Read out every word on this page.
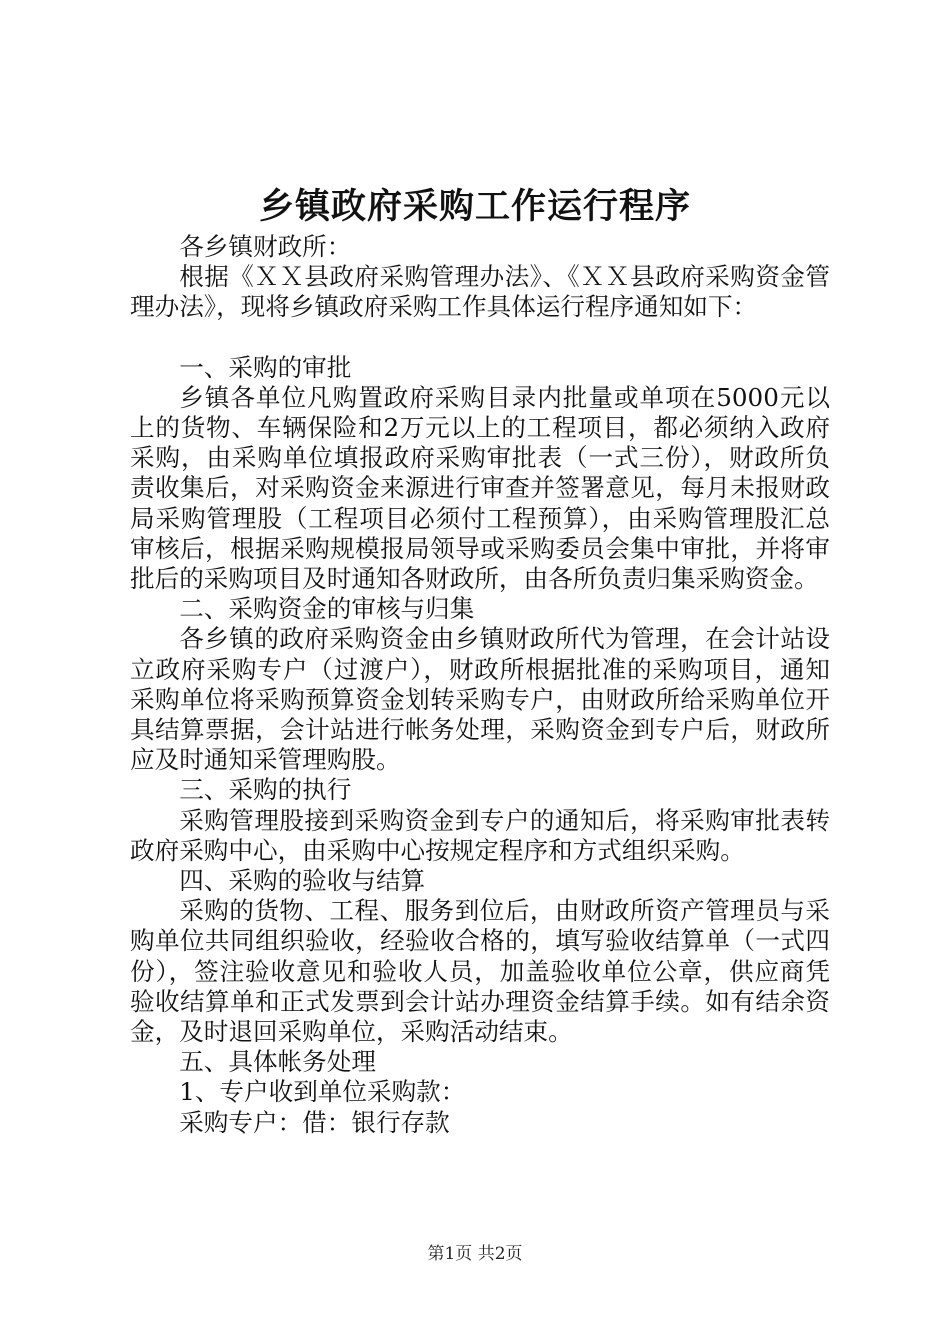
乡镇政府采购工作运行程序

各乡镇财政所：

根据《ＸＸ县政府采购管理办法》、《ＸＸ县政府采购资金管理办法》，现将乡镇政府采购工作具体运行程序通知如下：

一、采购的审批

乡镇各单位凡购置政府采购目录内批量或单项在5000元以上的货物、车辆保险和2万元以上的工程项目，都必须纳入政府采购，由采购单位填报政府采购审批表（一式三份），财政所负责收集后，对采购资金来源进行审查并签署意见，每月未报财政局采购管理股（工程项目必须付工程预算），由采购管理股汇总审核后，根据采购规模报局领导或采购委员会集中审批，并将审批后的采购项目及时通知各财政所，由各所负责归集采购资金。

二、采购资金的审核与归集

各乡镇的政府采购资金由乡镇财政所代为管理，在会计站设立政府采购专户（过渡户），财政所根据批准的采购项目，通知采购单位将采购预算资金划转采购专户，由财政所给采购单位开具结算票据，会计站进行帐务处理，采购资金到专户后，财政所应及时通知采管理购股。

三、采购的执行

采购管理股接到采购资金到专户的通知后，将采购审批表转政府采购中心，由采购中心按规定程序和方式组织采购。

四、采购的验收与结算

采购的货物、工程、服务到位后，由财政所资产管理员与采购单位共同组织验收，经验收合格的，填写验收结算单（一式四份），签注验收意见和验收人员，加盖验收单位公章，供应商凭验收结算单和正式发票到会计站办理资金结算手续。如有结余资金，及时退回采购单位，采购活动结束。

五、具体帐务处理

1、专户收到单位采购款：

采购专户：借：银行存款

第1页 共2页
